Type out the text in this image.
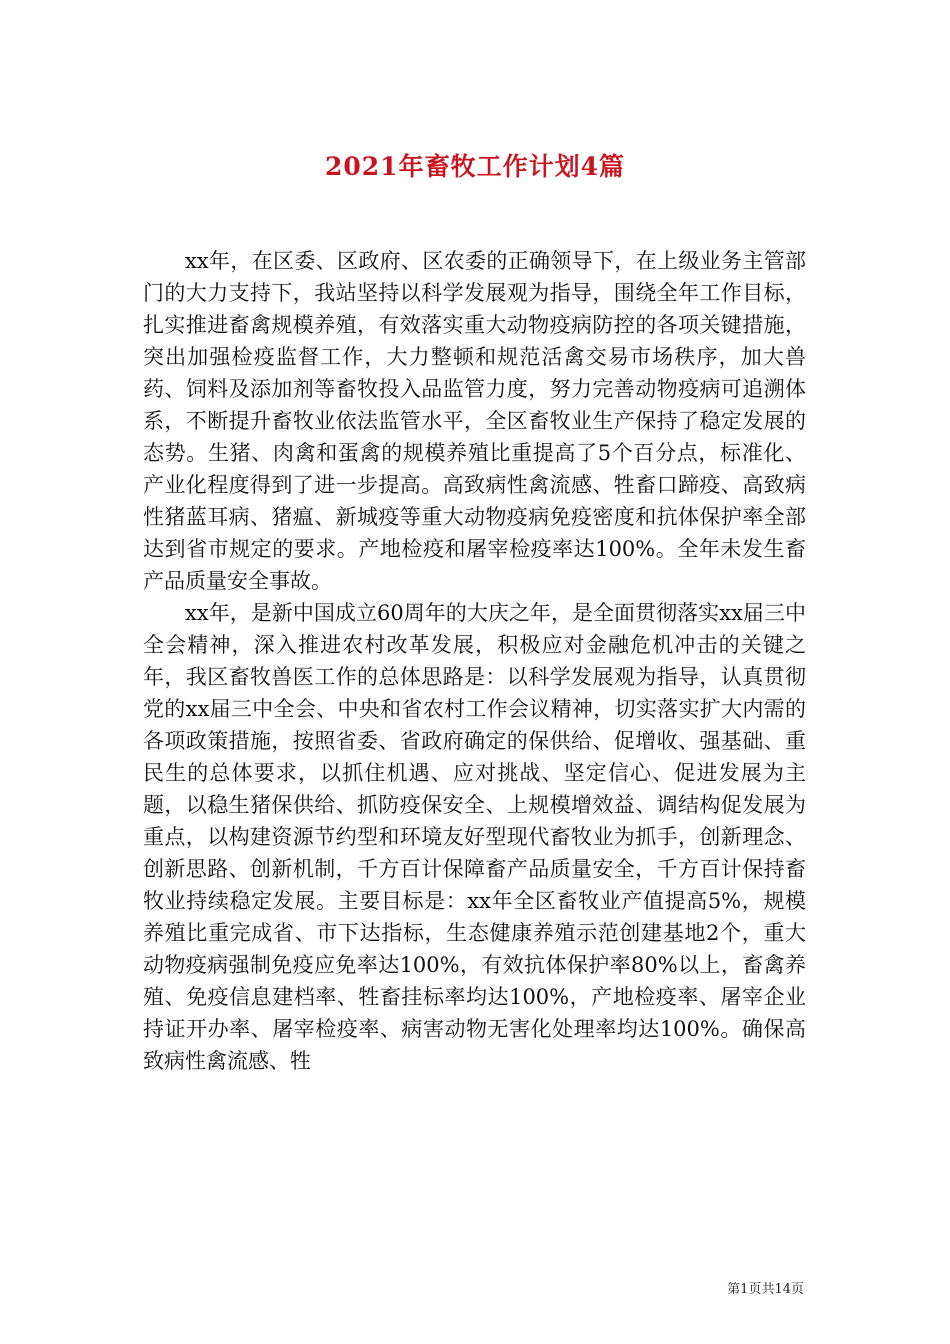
2021年畜牧工作计划4篇

xx年，在区委、区政府、区农委的正确领导下，在上级业务主管部门的大力支持下，我站坚持以科学发展观为指导，围绕全年工作目标，扎实推进畜禽规模养殖，有效落实重大动物疫病防控的各项关键措施，突出加强检疫监督工作，大力整顿和规范活禽交易市场秩序，加大兽药、饲料及添加剂等畜牧投入品监管力度，努力完善动物疫病可追溯体系，不断提升畜牧业依法监管水平，全区畜牧业生产保持了稳定发展的态势。生猪、肉禽和蛋禽的规模养殖比重提高了5个百分点，标准化、产业化程度得到了进一步提高。高致病性禽流感、牲畜口蹄疫、高致病性猪蓝耳病、猪瘟、新城疫等重大动物疫病免疫密度和抗体保护率全部达到省市规定的要求。产地检疫和屠宰检疫率达100%。全年未发生畜产品质量安全事故。

xx年，是新中国成立60周年的大庆之年，是全面贯彻落实xx届三中全会精神，深入推进农村改革发展，积极应对金融危机冲击的关键之年，我区畜牧兽医工作的总体思路是：以科学发展观为指导，认真贯彻党的xx届三中全会、中央和省农村工作会议精神，切实落实扩大内需的各项政策措施，按照省委、省政府确定的保供给、促增收、强基础、重民生的总体要求，以抓住机遇、应对挑战、坚定信心、促进发展为主题，以稳生猪保供给、抓防疫保安全、上规模增效益、调结构促发展为重点，以构建资源节约型和环境友好型现代畜牧业为抓手，创新理念、创新思路、创新机制，千方百计保障畜产品质量安全，千方百计保持畜牧业持续稳定发展。主要目标是：xx年全区畜牧业产值提高5%，规模养殖比重完成省、市下达指标，生态健康养殖示范创建基地2个，重大动物疫病强制免疫应免率达100%，有效抗体保护率80%以上，畜禽养殖、免疫信息建档率、牲畜挂标率均达100%，产地检疫率、屠宰企业持证开办率、屠宰检疫率、病害动物无害化处理率均达100%。确保高致病性禽流感、牲

第1页共14页
